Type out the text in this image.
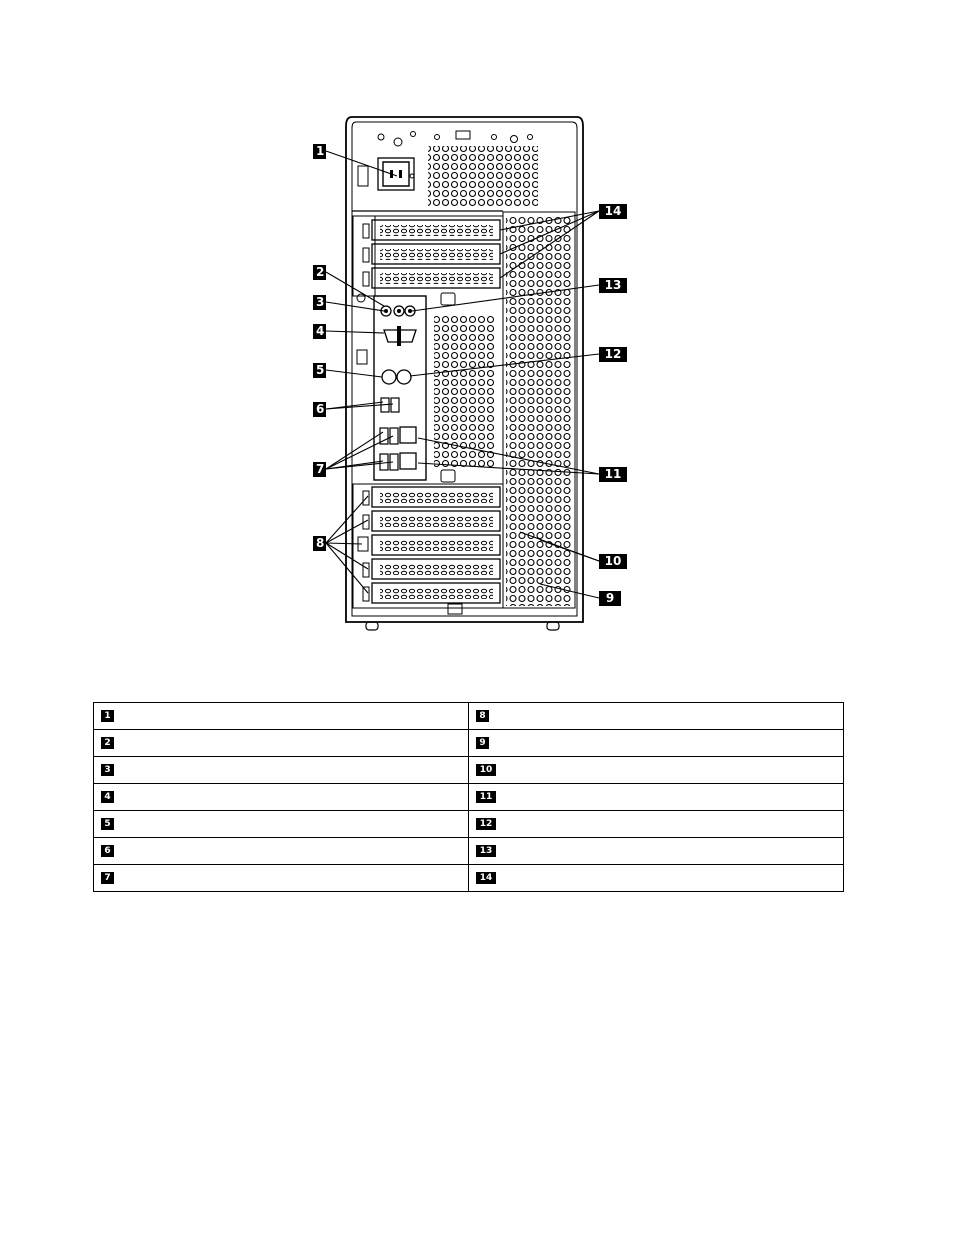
1
2
3
4
5
6
7
8
9
10
11
12
13
14
1	8
2	9
3	10
4	11
5	12
6	13
7	14
